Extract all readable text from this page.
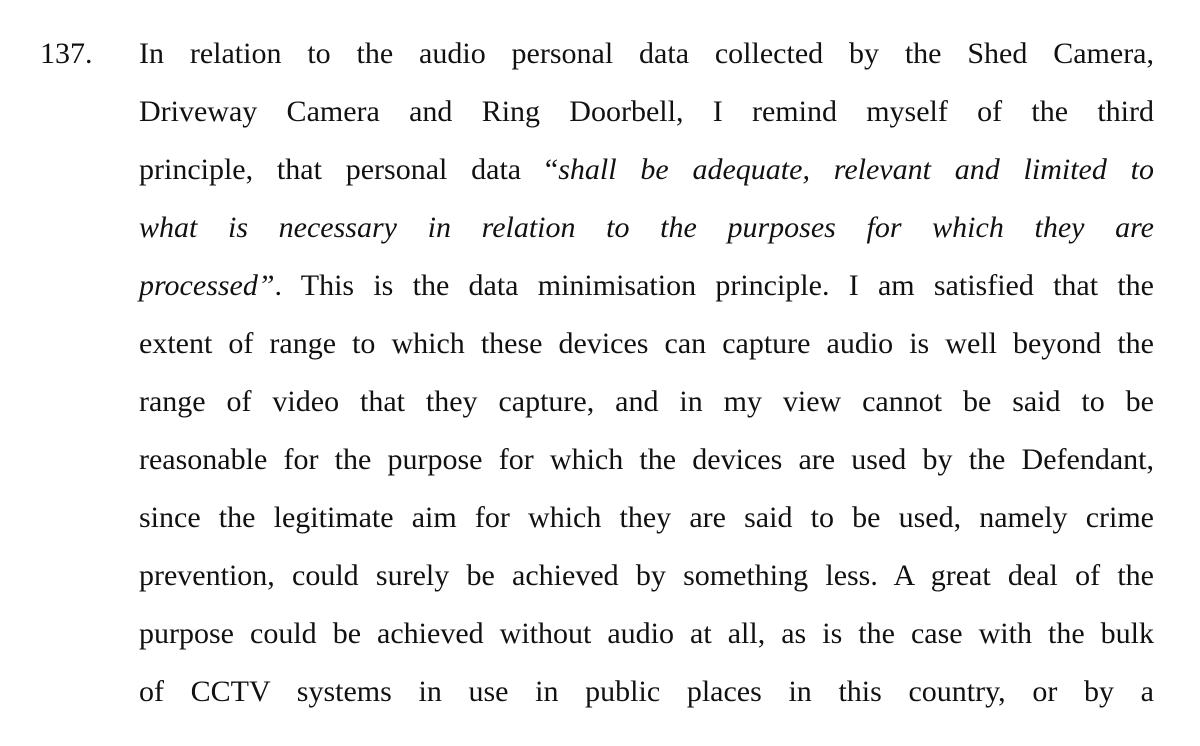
137. In relation to the audio personal data collected by the Shed Camera,
Driveway Camera and Ring Doorbell, I remind myself of the third
principle, that personal data “shall be adequate, relevant and limited to
what is necessary in relation to the purposes for which they are
processed”. This is the data minimisation principle. I am satisfied that the
extent of range to which these devices can capture audio is well beyond the
range of video that they capture, and in my view cannot be said to be
reasonable for the purpose for which the devices are used by the Defendant,
since the legitimate aim for which they are said to be used, namely crime
prevention, could surely be achieved by something less. A great deal of the
purpose could be achieved without audio at all, as is the case with the bulk
of CCTV systems in use in public places in this country, or by a
